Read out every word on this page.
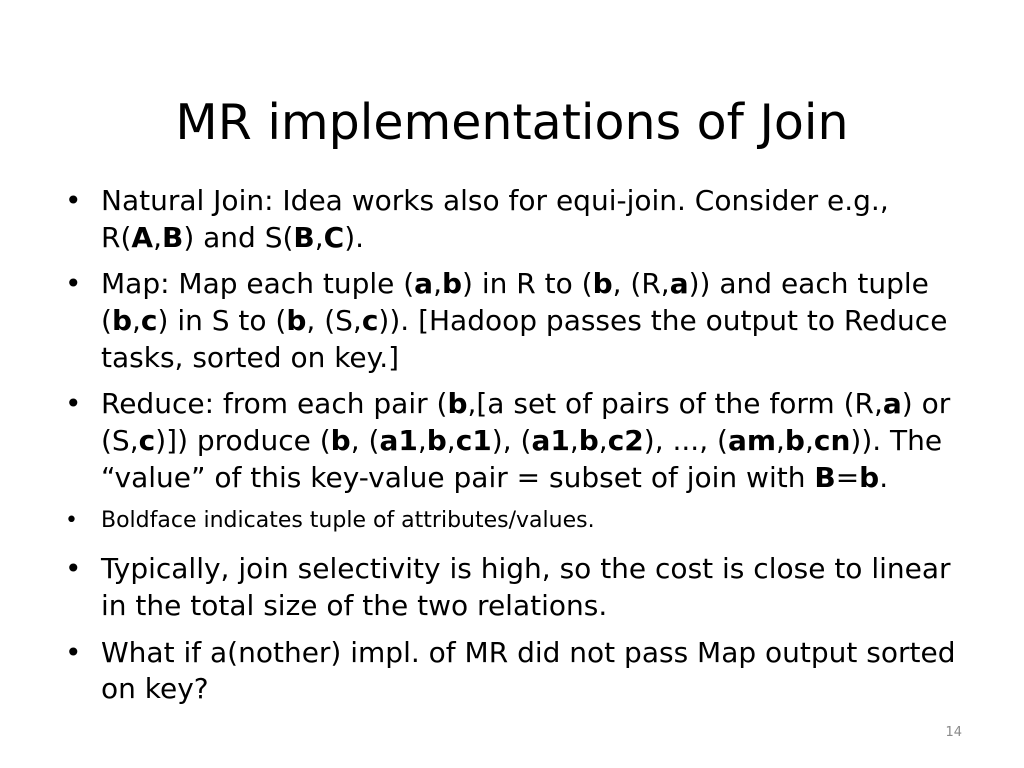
MR implementations of Join
• Natural Join: Idea works also for equi-join. Consider e.g., R(A,B) and S(B,C).
• Map: Map each tuple (a,b) in R to (b, (R,a)) and each tuple (b,c) in S to (b, (S,c)). [Hadoop passes the output to Reduce tasks, sorted on key.]
• Reduce: from each pair (b,[a set of pairs of the form (R,a) or (S,c)]) produce (b, (a1,b,c1), (a1,b,c2), ..., (am,b,cn)). The “value” of this key-value pair = subset of join with B=b.
• Boldface indicates tuple of attributes/values.
• Typically, join selectivity is high, so the cost is close to linear in the total size of the two relations.
• What if a(nother) impl. of MR did not pass Map output sorted on key?
14
